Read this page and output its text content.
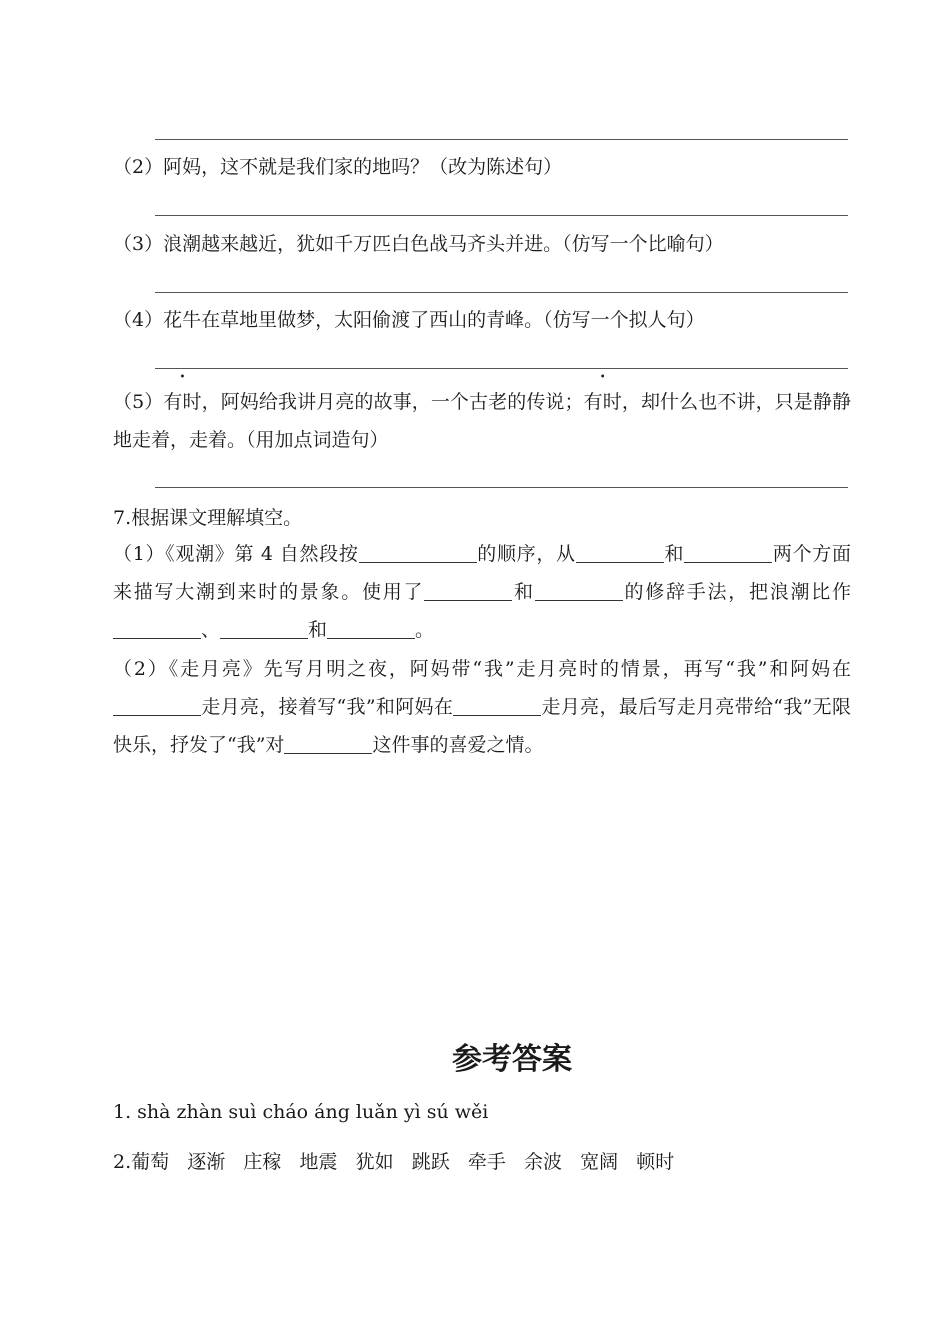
（2）阿妈，这不就是我们家的地吗？（改为陈述句）
（3）浪潮越来越近，犹如千万匹白色战马齐头并进。（仿写一个比喻句）
（4）花牛在草地里做梦，太阳偷渡了西山的青峰。（仿写一个拟人句）
（5）有时，阿妈给我讲月亮的故事，一个古老的传说；有时，却什么也不讲，只是静静地走着，走着。（用加点词造句）
7.根据课文理解填空。
（1）《观潮》第 4 自然段按	的顺序，从	和	两个方面来描写大潮到来时的景象。使用了	和	的修辞手法，把浪潮比作、	和	。
（2）《走月亮》先写月明之夜，阿妈带“我”走月亮时的情景，再写“我”和阿妈在走月亮，接着写“我”和阿妈在	走月亮，最后写走月亮带给“我”无限快乐，抒发了“我”对	这件事的喜爱之情。
参考答案
1. shà zhàn suì cháo áng luǎn yì sú wěi
2.葡萄   逐渐   庄稼   地震   犹如   跳跃   牵手   余波   宽阔   顿时
